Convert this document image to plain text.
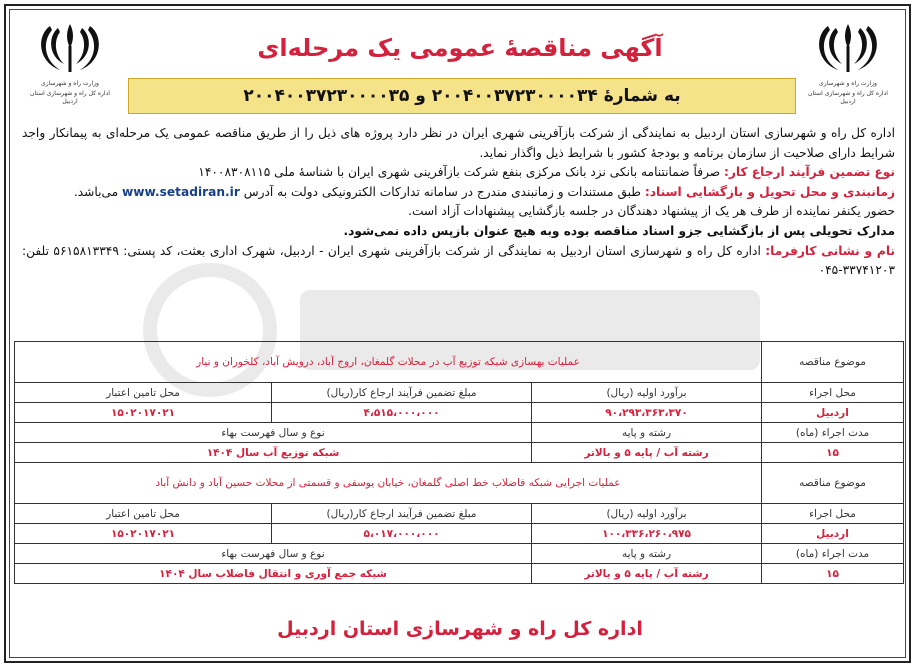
وزارت راه و شهرسازی
اداره کل راه و شهرسازی استان اردبیل
وزارت راه و شهرسازی
اداره کل راه و شهرسازی استان اردبیل
آگهی مناقصهٔ عمومی یک مرحله‌ای
به شمارهٔ ۲۰۰۴۰۰۳۷۲۳۰۰۰۰۳۴ و ۲۰۰۴۰۰۳۷۲۳۰۰۰۰۳۵

اداره کل راه و شهرسازی استان اردبیل به نمایندگی از شرکت بازآفرینی شهری ایران در نظر دارد پروژه های ذیل را از طریق مناقصه عمومی یک مرحله‌ای به پیمانکار واجد شرایط دارای صلاحیت از سازمان برنامه و بودجهٔ کشور با شرایط ذیل واگذار نماید.

نوع تضمین فرآیند ارجاع کار: صرفاً ضمانتنامه بانکی نزد بانک مرکزی بنفع شرکت بازآفرینی شهری ایران با شناسهٔ ملی ۱۴۰۰۸۳۰۸۱۱۵

زمانبندی و محل تحویل و بازگشایی اسناد: طبق مستندات و زمانبندی مندرج در سامانه تدارکات الکترونیکی دولت به آدرس www.setadiran.ir می‌باشد.

حضور یکنفر نماینده از طرف هر یک از پیشنهاد دهندگان در جلسه بازگشایی پیشنهادات آزاد است.

مدارک تحویلی پس از بازگشایی جزو اسناد مناقصه بوده وبه هیچ عنوان بازپس داده نمی‌شود.

نام و نشانی کارفرما: اداره کل راه و شهرسازی استان اردبیل به نمایندگی از شرکت بازآفرینی شهری ایران - اردبیل، شهرک اداری بعثت، کد پستی: ۵۶۱۵۸۱۳۳۴۹ تلفن: ۳۳۷۴۱۲۰۳-۰۴۵

موضوع مناقصه	عملیات بهسازی شبکه توزیع آب در محلات گلمغان، اروج آباد، درویش آباد، کلخوران و نیار		
محل اجراء	برآورد اولیه (ریال)	مبلغ تضمین فرآیند ارجاع کار(ریال)	محل تامین اعتبار
اردبیل	۹۰،۲۹۳،۳۶۳،۳۷۰	۴،۵۱۵،۰۰۰،۰۰۰	۱۵۰۲۰۱۷۰۲۱
مدت اجراء (ماه)	رشته و پایه	نوع و سال فهرست بهاء	
۱۵	رشته آب / پایه ۵ و بالاتر	شبکه توزیع آب سال ۱۴۰۴	
موضوع مناقصه	عملیات اجرایی شبکه فاضلاب خط اصلی گلمغان، خیابان یوسفی و قسمتی از محلات حسین آباد و دانش آباد		
محل اجراء	برآورد اولیه (ریال)	مبلغ تضمین فرآیند ارجاع کار(ریال)	محل تامین اعتبار
اردبیل	۱۰۰،۳۳۶،۲۶۰،۹۷۵	۵،۰۱۷،۰۰۰،۰۰۰	۱۵۰۲۰۱۷۰۲۱
مدت اجراء (ماه)	رشته و پایه	نوع و سال فهرست بهاء	
۱۵	رشته آب / پایه ۵ و بالاتر	شبکه جمع آوری و انتقال فاضلاب سال ۱۴۰۴	
اداره کل راه و شهرسازی استان اردبیل
